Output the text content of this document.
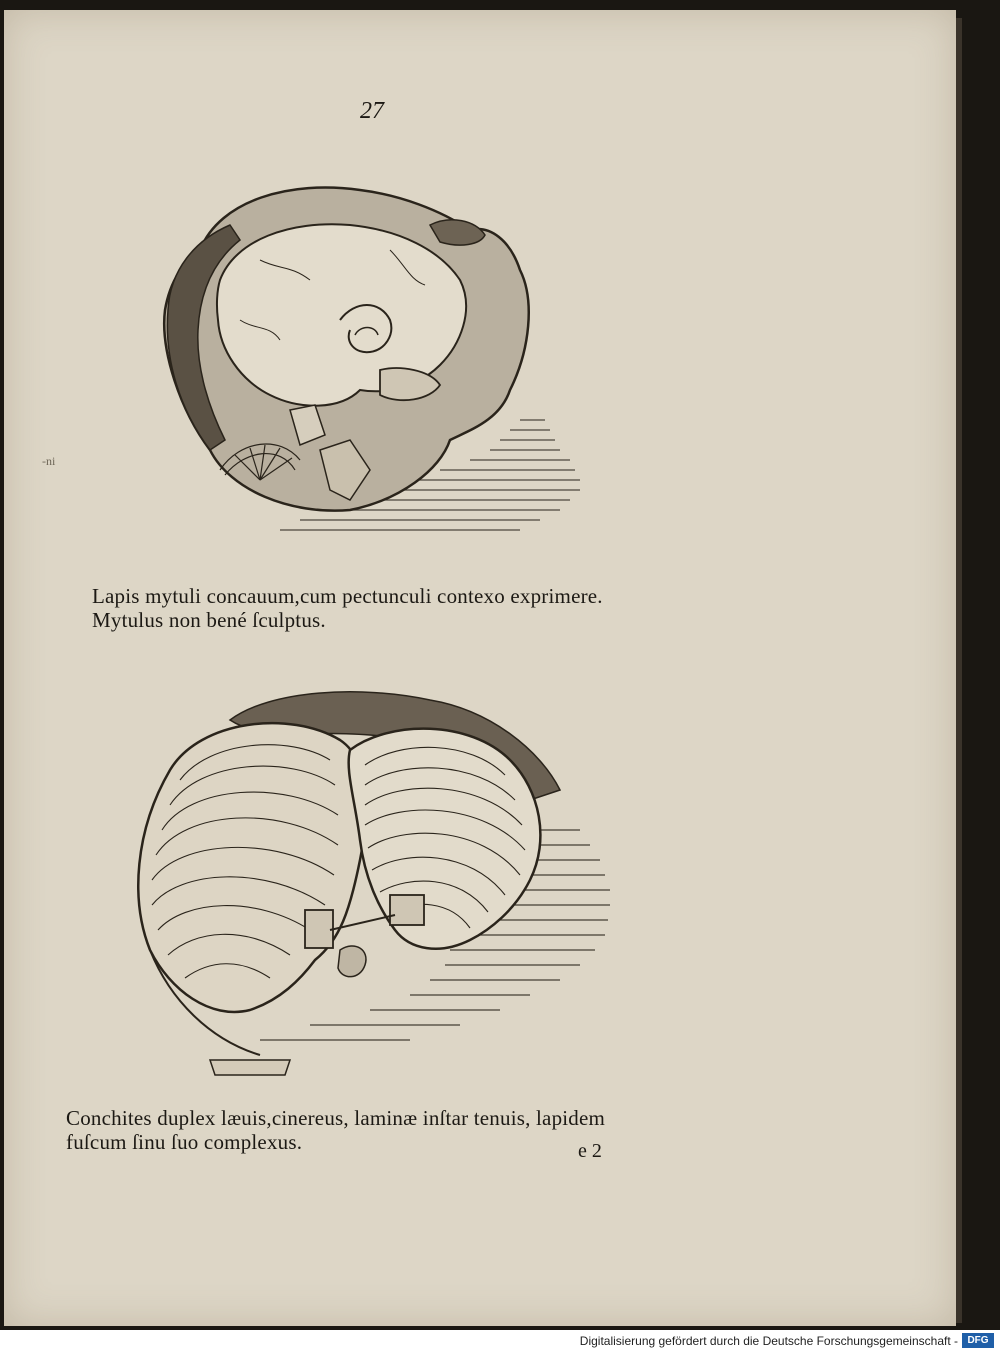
27
-ni
Lapis mytuli concauum,cum pectunculi contexo exprimere.
Mytulus non bené ſculptus.
Conchites duplex læuis,cinereus, laminæ inſtar tenuis, lapidem
fuſcum ſinu ſuo complexus.	e 2
Digitalisierung gefördert durch die Deutsche Forschungsgemeinschaft - DFG
